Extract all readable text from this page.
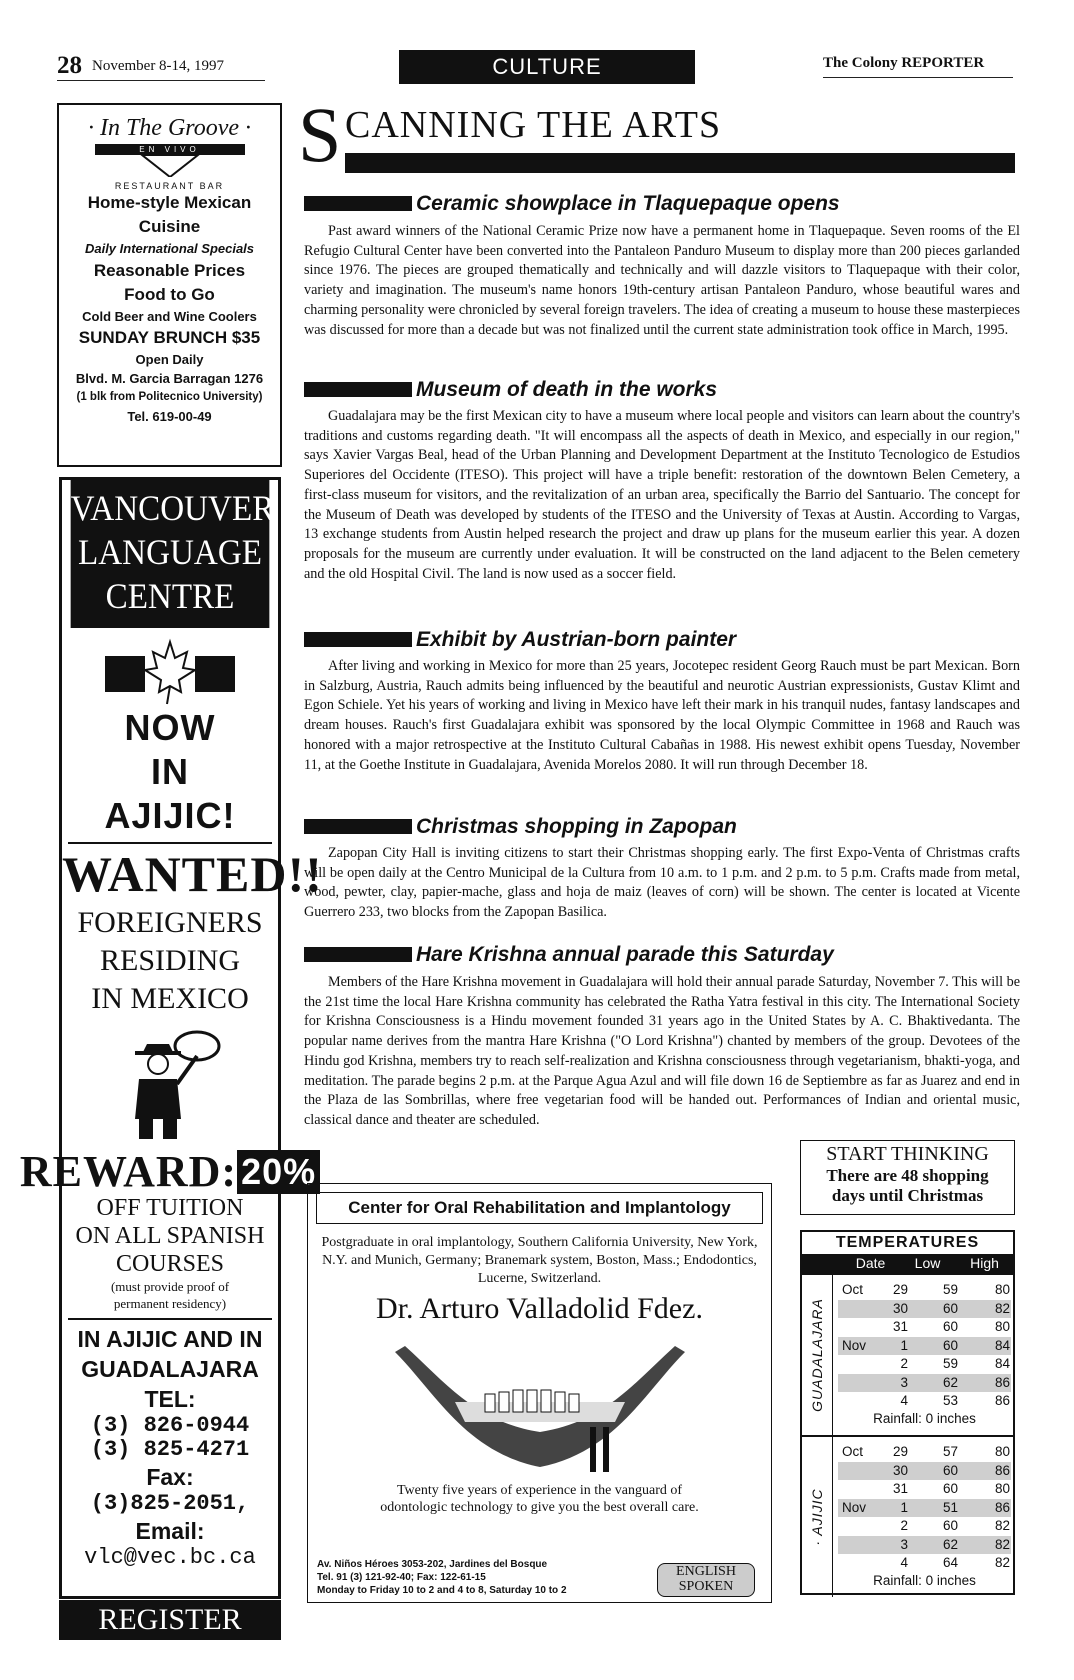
28 November 8-14, 1997	CULTURE	The Colony REPORTER
· In The Groove ·
EN VIVO
RESTAURANT BAR
Home-style Mexican
Cuisine
Daily International Specials
Reasonable Prices
Food to Go
Cold Beer and Wine Coolers
SUNDAY BRUNCH $35
Open Daily
Blvd. M. Garcia Barragan 1276
(1 blk from Politecnico University)
Tel. 619-00-49
VANCOUVER
LANGUAGE
CENTRE
NOW
IN
AJIJIC!
WANTED!!
FOREIGNERS
RESIDING
IN MEXICO
REWARD: 20%
OFF TUITION
ON ALL SPANISH
COURSES
(must provide proof of
permanent residency)
IN AJIJIC AND IN
GUADALAJARA
TEL:
(3) 826-0944
(3) 825-4271
Fax:
(3)825-2051,
Email:
vlc@vec.bc.ca
REGISTER NOW!
S CANNING THE ARTS
Ceramic showplace in Tlaquepaque opens

Past award winners of the National Ceramic Prize now have a permanent home in Tlaquepaque. Seven rooms of the El Refugio Cultural Center have been converted into the Pantaleon Panduro Museum to display more than 200 pieces garlanded since 1976. The pieces are grouped thematically and technically and will dazzle visitors to Tlaquepaque with their color, variety and imagination. The museum's name honors 19th-century artisan Pantaleon Panduro, whose beautiful wares and charming personality were chronicled by several foreign travelers. The idea of creating a museum to house these masterpieces was discussed for more than a decade but was not finalized until the current state administration took office in March, 1995.

Museum of death in the works

Guadalajara may be the first Mexican city to have a museum where local people and visitors can learn about the country's traditions and customs regarding death. "It will encompass all the aspects of death in Mexico, and especially in our region," says Xavier Vargas Beal, head of the Urban Planning and Development Department at the Instituto Tecnologico de Estudios Superiores del Occidente (ITESO). This project will have a triple benefit: restoration of the downtown Belen Cemetery, a first-class museum for visitors, and the revitalization of an urban area, specifically the Barrio del Santuario. The concept for the Museum of Death was developed by students of the ITESO and the University of Texas at Austin. According to Vargas, 13 exchange students from Austin helped research the project and draw up plans for the museum earlier this year. A dozen proposals for the museum are currently under evaluation. It will be constructed on the land adjacent to the Belen cemetery and the old Hospital Civil. The land is now used as a soccer field.

Exhibit by Austrian-born painter

After living and working in Mexico for more than 25 years, Jocotepec resident Georg Rauch must be part Mexican. Born in Salzburg, Austria, Rauch admits being influenced by the beautiful and neurotic Austrian expressionists, Gustav Klimt and Egon Schiele. Yet his years of working and living in Mexico have left their mark in his tranquil nudes, fantasy landscapes and dream houses. Rauch's first Guadalajara exhibit was sponsored by the local Olympic Committee in 1968 and Rauch was honored with a major retrospective at the Instituto Cultural Cabañas in 1988. His newest exhibit opens Tuesday, November 11, at the Goethe Institute in Guadalajara, Avenida Morelos 2080. It will run through December 18.

Christmas shopping in Zapopan

Zapopan City Hall is inviting citizens to start their Christmas shopping early. The first Expo-Venta of Christmas crafts will be open daily at the Centro Municipal de la Cultura from 10 a.m. to 1 p.m. and 2 p.m. to 5 p.m. Crafts made from metal, wood, pewter, clay, papier-mache, glass and hoja de maiz (leaves of corn) will be shown. The center is located at Vicente Guerrero 233, two blocks from the Zapopan Basilica.

Hare Krishna annual parade this Saturday

Members of the Hare Krishna movement in Guadalajara will hold their annual parade Saturday, November 7. This will be the 21st time the local Hare Krishna community has celebrated the Ratha Yatra festival in this city. The International Society for Krishna Consciousness is a Hindu movement founded 31 years ago in the United States by A. C. Bhaktivedanta. The popular name derives from the mantra Hare Krishna ("O Lord Krishna") chanted by members of the group. Devotees of the Hindu god Krishna, members try to reach self-realization and Krishna consciousness through vegetarianism, bhakti-yoga, and meditation. The parade begins 2 p.m. at the Parque Agua Azul and will file down 16 de Septiembre as far as Juarez and end in the Plaza de las Sombrillas, where free vegetarian food will be handed out. Performances of Indian and oriental music, classical dance and theater are scheduled.

Center for Oral Rehabilitation and Implantology
Postgraduate in oral implantology, Southern California University, New York, N.Y. and Munich, Germany; Branemark system, Boston, Mass.; Endodontics, Lucerne, Switzerland.
Dr. Arturo Valladolid Fdez.
Twenty five years of experience in the vanguard of
odontologic technology to give you the best overall care.
Av. Niños Héroes 3053-202, Jardines del Bosque
Tel. 91 (3) 121-92-40; Fax: 122-61-15
Monday to Friday 10 to 2 and 4 to 8, Saturday 10 to 2
ENGLISH
SPOKEN
START THINKING
There are 48 shopping
days until Christmas
TEMPERATURES
Date	Low	High
GUADALAJARA
Oct	29	59	80
30	60	82
31	60	80
Nov	1	60	84
2	59	84
3	62	86
4	53	86
Rainfall: 0 inches
· AJIJIC
Oct	29	57	80
30	60	86
31	60	80
Nov	1	51	86
2	60	82
3	62	82
4	64	82
Rainfall: 0 inches
